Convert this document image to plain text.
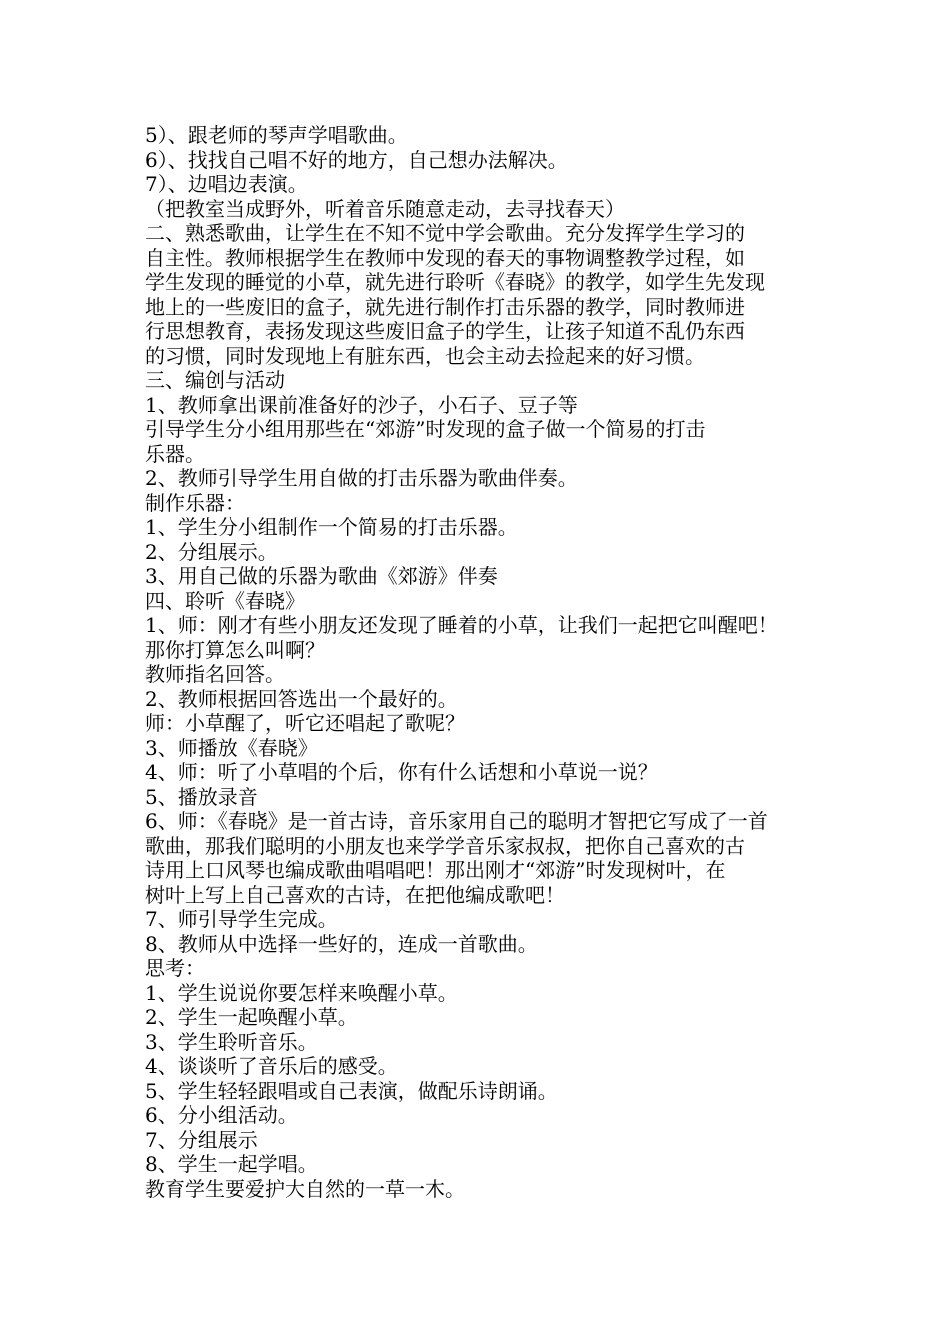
5）、跟老师的琴声学唱歌曲。
6）、找找自己唱不好的地方，自己想办法解决。
7）、边唱边表演。
（把教室当成野外，听着音乐随意走动，去寻找春天）
二、熟悉歌曲，让学生在不知不觉中学会歌曲。充分发挥学生学习的
自主性。教师根据学生在教师中发现的春天的事物调整教学过程，如
学生发现的睡觉的小草，就先进行聆听《春晓》的教学，如学生先发现
地上的一些废旧的盒子，就先进行制作打击乐器的教学，同时教师进
行思想教育，表扬发现这些废旧盒子的学生，让孩子知道不乱仍东西
的习惯，同时发现地上有脏东西，也会主动去捡起来的好习惯。
三、编创与活动
1、教师拿出课前准备好的沙子，小石子、豆子等
引导学生分小组用那些在“郊游”时发现的盒子做一个简易的打击
乐器。
2、教师引导学生用自做的打击乐器为歌曲伴奏。
制作乐器：
1、学生分小组制作一个简易的打击乐器。
2、分组展示。
3、用自己做的乐器为歌曲《郊游》伴奏
四、聆听《春晓》
1、师：刚才有些小朋友还发现了睡着的小草，让我们一起把它叫醒吧！
那你打算怎么叫啊？
教师指名回答。
2、教师根据回答选出一个最好的。
师：小草醒了，听它还唱起了歌呢？
3、师播放《春晓》
4、师：听了小草唱的个后，你有什么话想和小草说一说？
5、播放录音
6、师：《春晓》是一首古诗，音乐家用自己的聪明才智把它写成了一首
歌曲，那我们聪明的小朋友也来学学音乐家叔叔，把你自己喜欢的古
诗用上口风琴也编成歌曲唱唱吧！那出刚才“郊游”时发现树叶，在
树叶上写上自己喜欢的古诗，在把他编成歌吧！
7、师引导学生完成。
8、教师从中选择一些好的，连成一首歌曲。
思考：
1、学生说说你要怎样来唤醒小草。
2、学生一起唤醒小草。
3、学生聆听音乐。
4、谈谈听了音乐后的感受。
5、学生轻轻跟唱或自己表演，做配乐诗朗诵。
6、分小组活动。
7、分组展示
8、学生一起学唱。
教育学生要爱护大自然的一草一木。
